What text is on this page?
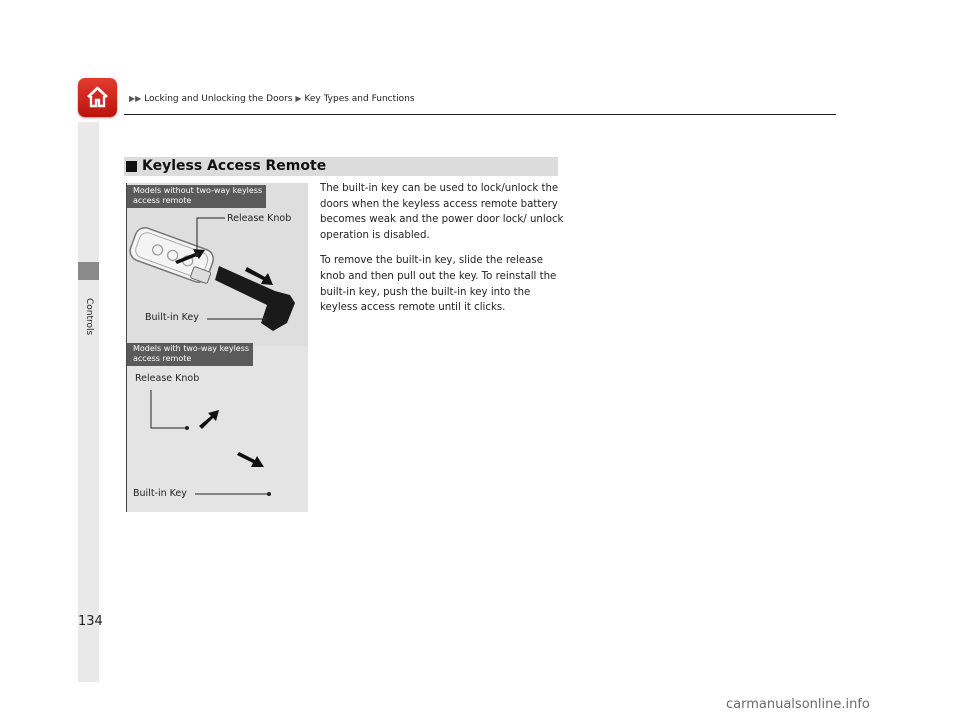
▶▶ Locking and Unlocking the Doors ▶ Key Types and Functions
Controls
Keyless Access Remote
Models without two-way keyless
access remote
Release Knob
Built-in Key
Models with two-way keyless
access remote
Release Knob
Built-in Key

The built-in key can be used to lock/unlock the doors when the keyless access remote battery becomes weak and the power door lock/ unlock operation is disabled.

To remove the built-in key, slide the release knob and then pull out the key. To reinstall the built-in key, push the built-in key into the keyless access remote until it clicks.

134
carmanualsonline.info
